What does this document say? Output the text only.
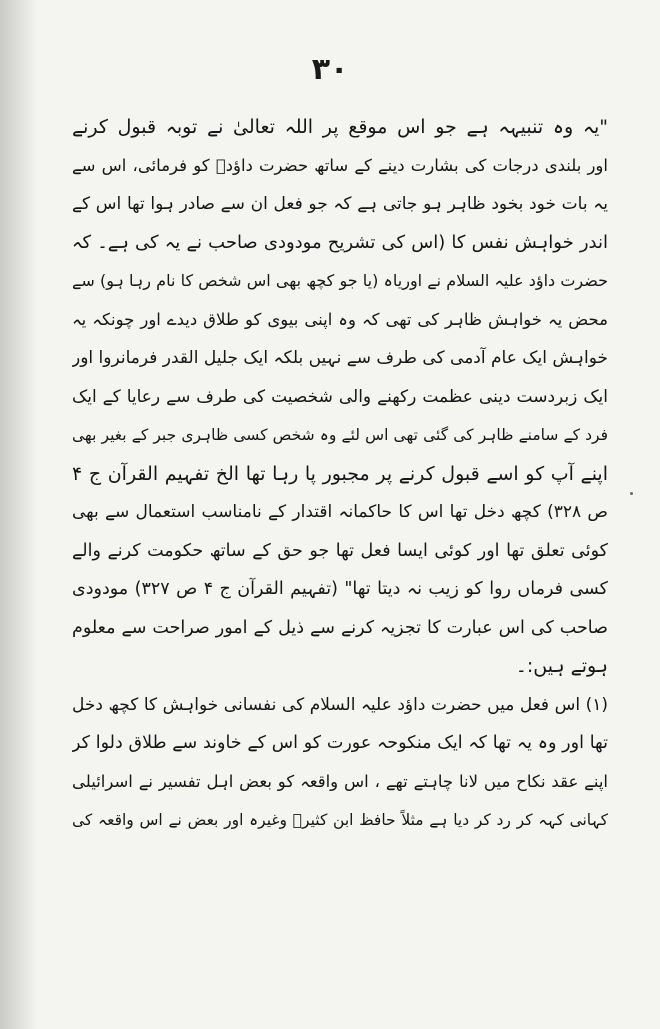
۳۰
"یہ وہ تنبیہہ ہے جو اس موقع پر اللہ تعالیٰ نے توبہ قبول کرنے
اور بلندی درجات کی بشارت دینے کے ساتھ حضرت داؤدؑ کو فرمائی، اس سے
یہ بات خود بخود ظاہر ہو جاتی ہے کہ جو فعل ان سے صادر ہوا تھا اس کے
اندر خواہش نفس کا (اس کی تشریح مودودی صاحب نے یہ کی ہے۔ کہ
حضرت داؤد علیہ السلام نے اوریاہ (یا جو کچھ بھی اس شخص کا نام رہا ہو) سے
محض یہ خواہش ظاہر کی تھی کہ وہ اپنی بیوی کو طلاق دیدے اور چونکہ یہ
خواہش ایک عام آدمی کی طرف سے نہیں بلکہ ایک جلیل القدر فرمانروا اور
ایک زبردست دینی عظمت رکھنے والی شخصیت کی طرف سے رعایا کے ایک
فرد کے سامنے ظاہر کی گئی تھی اس لئے وہ شخص کسی ظاہری جبر کے بغیر بھی
اپنے آپ کو اسے قبول کرنے پر مجبور پا رہا تھا الخ تفہیم القرآن ج ۴
ص ۳۲۸) کچھ دخل تھا اس کا حاکمانہ اقتدار کے نامناسب استعمال سے بھی
کوئی تعلق تھا اور کوئی ایسا فعل تھا جو حق کے ساتھ حکومت کرنے والے
کسی فرماں روا کو زیب نہ دیتا تھا" (تفہیم القرآن ج ۴ ص ۳۲۷) مودودی
صاحب کی اس عبارت کا تجزیہ کرنے سے ذیل کے امور صراحت سے معلوم
ہوتے ہیں:۔
(۱) اس فعل میں حضرت داؤد علیہ السلام کی نفسانی خواہش کا کچھ دخل
تھا اور وہ یہ تھا کہ ایک منکوحہ عورت کو اس کے خاوند سے طلاق دلوا کر
اپنے عقد نکاح میں لانا چاہتے تھے ، اس واقعہ کو بعض اہل تفسیر نے اسرائیلی
کہانی کہہ کر رد کر دیا ہے مثلاً حافظ ابن کثیرؒ وغیرہ اور بعض نے اس واقعہ کی
